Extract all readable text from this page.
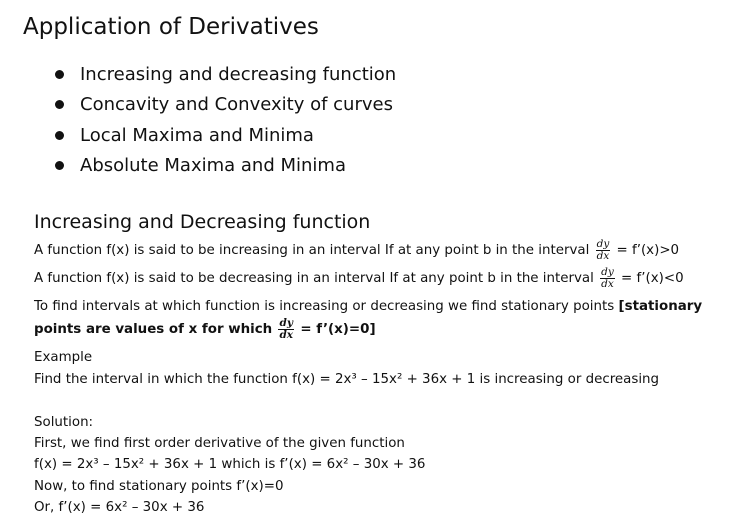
Application of Derivatives
Increasing and decreasing function
Concavity and Convexity of curves
Local Maxima and Minima
Absolute Maxima and Minima
Increasing and Decreasing function
A function f(x) is said to be increasing in an interval If at any point b in the interval $\frac{dy}{dx}$ = f’(x)>0
A function f(x) is said to be decreasing in an interval If at any point b in the interval $\frac{dy}{dx}$ = f’(x)<0
To find intervals at which function is increasing or decreasing we find stationary points [stationary
points are values of x for which $\frac{dy}{dx}$ = f’(x)=0]
Example
Find the interval in which the function f(x) = 2x³ – 15x² + 36x + 1 is increasing or decreasing
Solution:
First, we find first order derivative of the given function
f(x) = 2x³ – 15x² + 36x + 1 which is f’(x) = 6x² – 30x + 36
Now, to find stationary points f’(x)=0
Or, f’(x) = 6x² – 30x + 36
